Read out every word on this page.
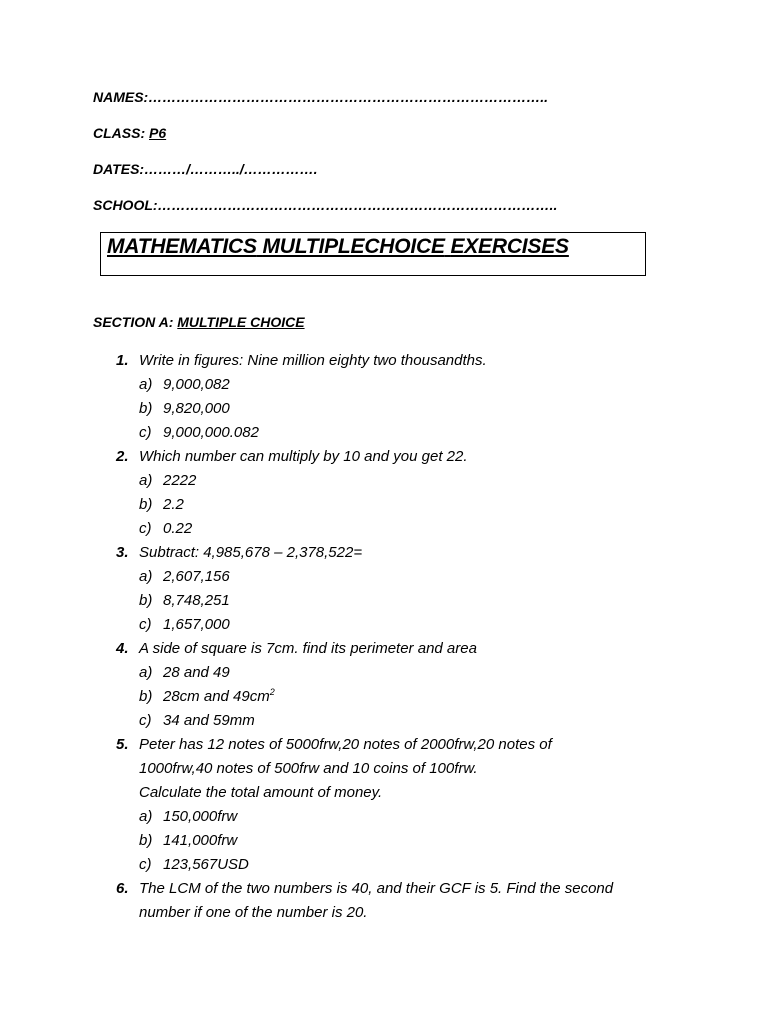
NAMES:…………………………………………………………………………..
CLASS: P6
DATES:………/………../…………….
SCHOOL:…………………………………………………………………………..
MATHEMATICS MULTIPLECHOICE EXERCISES
SECTION A: MULTIPLE CHOICE
1. Write in figures: Nine million eighty two thousandths.
a) 9,000,082
b) 9,820,000
c) 9,000,000.082
2. Which number can multiply by 10 and you get 22.
a) 2222
b) 2.2
c) 0.22
3. Subtract: 4,985,678 – 2,378,522=
a) 2,607,156
b) 8,748,251
c) 1,657,000
4. A side of square is 7cm. find its perimeter and area
a) 28 and 49
b) 28cm and $49cm^2$
c) 34 and 59mm
5. Peter has 12 notes of 5000frw,20 notes of 2000frw,20 notes of
1000frw,40 notes of 500frw and 10 coins of 100frw.
Calculate the total amount of money.
a) 150,000frw
b) 141,000frw
c) 123,567USD
6. The LCM of the two numbers is 40, and their GCF is 5. Find the second
number if one of the number is 20.
